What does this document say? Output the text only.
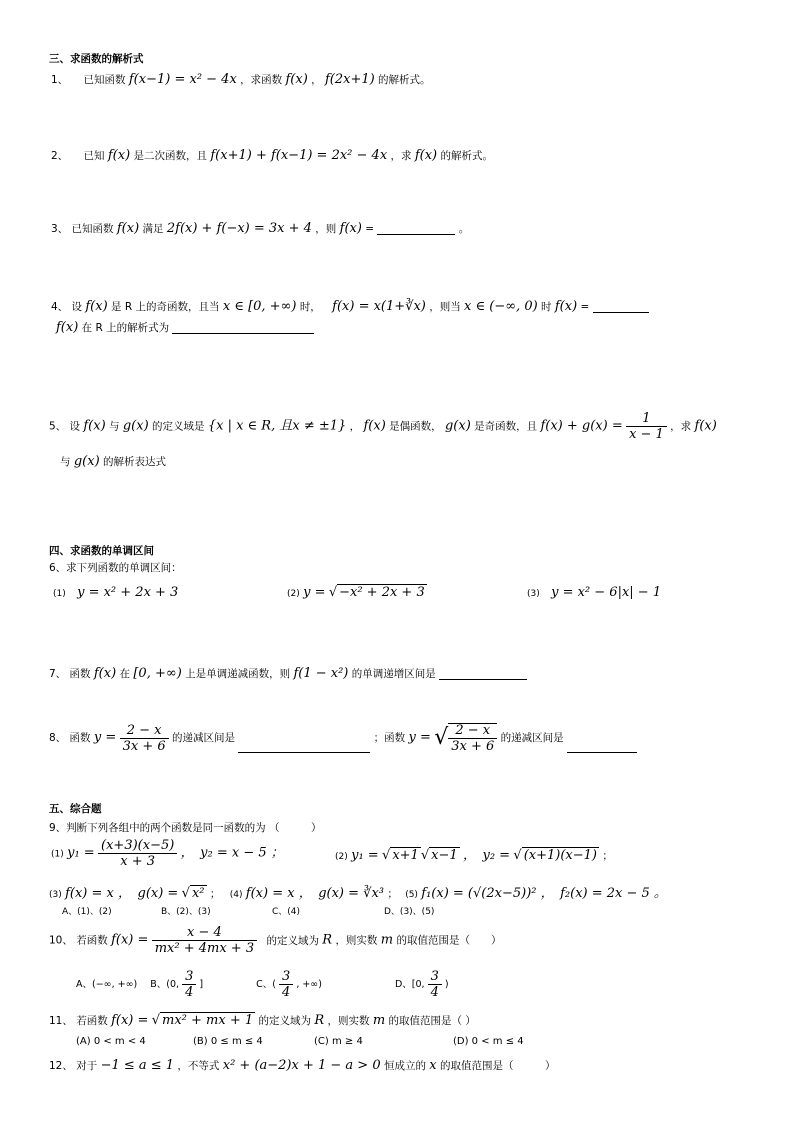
三、求函数的解析式
1、 已知函数 f(x−1) = x² − 4x ，求函数 f(x) ， f(2x+1) 的解析式。
2、 已知 f(x) 是二次函数，且 f(x+1) + f(x−1) = 2x² − 4x ，求 f(x) 的解析式。
3、 已知函数 f(x) 满足 2f(x) + f(−x) = 3x + 4 ，则 f(x) =	。
4、 设 f(x) 是 R 上的奇函数，且当 x ∈ [0, +∞) 时， f(x) = x(1+∛x) ，则当 x ∈ (−∞, 0) 时 f(x) =
f(x) 在 R 上的解析式为
5、 设 f(x) 与 g(x) 的定义域是 {x | x ∈ R, 且x ≠ ±1} ， f(x) 是偶函数， g(x) 是奇函数，且 $f(x) + g(x) = \frac{1}{x - 1}$ ，求 f(x)
与 g(x) 的解析表达式
四、求函数的单调区间
6、求下列函数的单调区间：
(1) y = x² + 2x + 3	(2) y = √ −x² + 2x + 3	(3) y = x² − 6|x| − 1
7、 函数 f(x) 在 [0, +∞) 上是单调递减函数，则 f(1 − x²) 的单调递增区间是
8、 函数 $y = \frac{2 - x}{3x + 6}$ 的递减区间是	；函数 y = √ $\frac{2 - x}{3x + 6}$ 的递减区间是
五、综合题
9、判断下列各组中的两个函数是同一函数的为 （　　　）
(1) $y_1 = \frac{(x+3)(x-5)}{x + 3}$ ，　y₂ = x − 5 ；	(2) y₁ = √ x+1 √ x−1 ，　y₂ = √ (x+1)(x−1) ；
(3) f(x) = x ，　g(x) = √ x² ； (4) f(x) = x ，　g(x) = ∛x³ ； (5) f₁(x) = (√(2x−5))² ，　f₂(x) = 2x − 5 。
A、(1)、(2)	B、(2)、(3)	C、(4)	D、(3)、(5)
10、 若函数 $f(x) = \frac{x - 4}{\text{mx² + 4mx + 3}}$ 的定义域为 R ，则实数 m 的取值范围是（　　）
A、(−∞, +∞) B、(0, $\frac{3}{4}$ ]	C、( $\frac{3}{4}$ , +∞)	D、[0, $\frac{3}{4}$ )
11、 若函数 f(x) = √ mx² + mx + 1 的定义域为 R ，则实数 m 的取值范围是（ ）
(A) 0 < m < 4	(B) 0 ≤ m ≤ 4	(C) m ≥ 4	(D) 0 < m ≤ 4
12、 对于 −1 ≤ a ≤ 1 ，不等式 x² + (a−2)x + 1 − a > 0 恒成立的 x 的取值范围是（　　　）
